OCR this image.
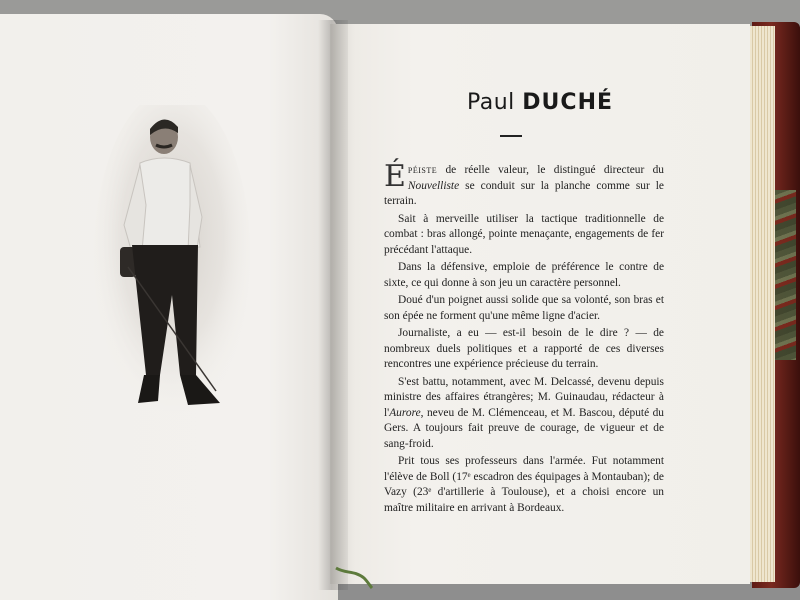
Paul DUCHÉ

Épéiste de réelle valeur, le distingué directeur du Nouvelliste se conduit sur la planche comme sur le terrain.

Sait à merveille utiliser la tactique traditionnelle de combat : bras allongé, pointe menaçante, engagements de fer précédant l'attaque.

Dans la défensive, emploie de préférence le contre de sixte, ce qui donne à son jeu un caractère personnel.

Doué d'un poignet aussi solide que sa volonté, son bras et son épée ne forment qu'une même ligne d'acier.

Journaliste, a eu — est-il besoin de le dire ? — de nombreux duels politiques et a rapporté de ces diverses rencontres une expérience précieuse du terrain.

S'est battu, notamment, avec M. Delcassé, devenu depuis ministre des affaires étrangères; M. Guinaudau, rédacteur à l'Aurore, neveu de M. Clémenceau, et M. Bascou, député du Gers. A toujours fait preuve de courage, de vigueur et de sang-froid.

Prit tous ses professeurs dans l'armée. Fut notamment l'élève de Boll (17ᵉ escadron des équipages à Montauban); de Vazy (23ᵉ d'artillerie à Toulouse), et a choisi encore un maître militaire en arrivant à Bordeaux.
